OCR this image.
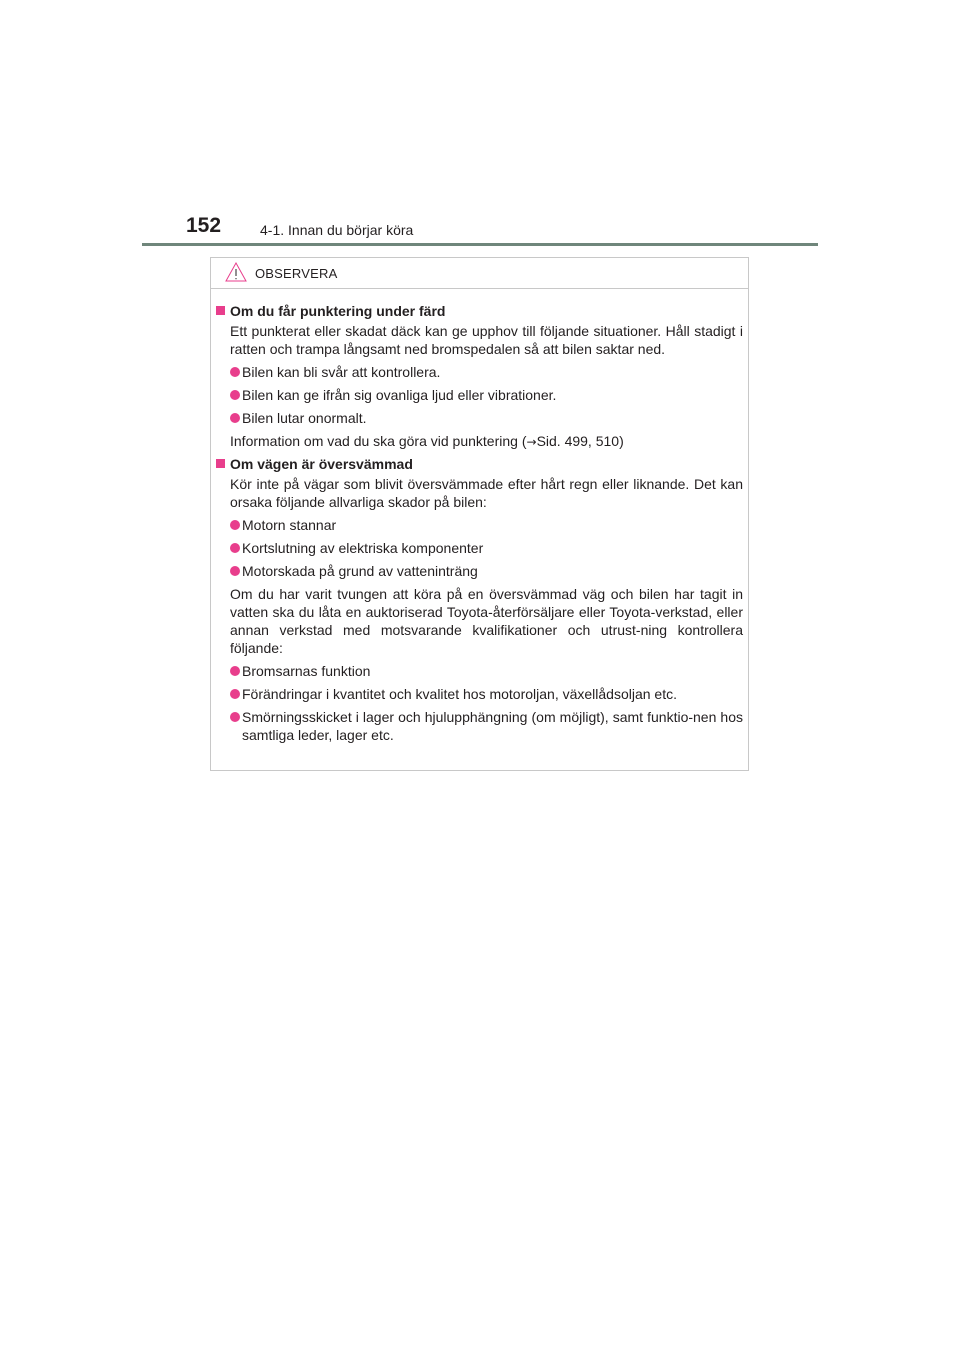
152	4-1. Innan du börjar köra
OBSERVERA
Om du får punktering under färd
Ett punkterat eller skadat däck kan ge upphov till följande situationer. Håll stadigt i ratten och trampa långsamt ned bromspedalen så att bilen saktar ned.
Bilen kan bli svår att kontrollera.
Bilen kan ge ifrån sig ovanliga ljud eller vibrationer.
Bilen lutar onormalt.
Information om vad du ska göra vid punktering (→Sid. 499, 510)
Om vägen är översvämmad
Kör inte på vägar som blivit översvämmade efter hårt regn eller liknande. Det kan orsaka följande allvarliga skador på bilen:
Motorn stannar
Kortslutning av elektriska komponenter
Motorskada på grund av vatteninträng
Om du har varit tvungen att köra på en översvämmad väg och bilen har tagit in vatten ska du låta en auktoriserad Toyota-återförsäljare eller Toyota-verkstad, eller annan verkstad med motsvarande kvalifikationer och utrust-ning kontrollera följande:
Bromsarnas funktion
Förändringar i kvantitet och kvalitet hos motoroljan, växellådsoljan etc.
Smörningsskicket i lager och hjulupphängning (om möjligt), samt funktio-nen hos samtliga leder, lager etc.
